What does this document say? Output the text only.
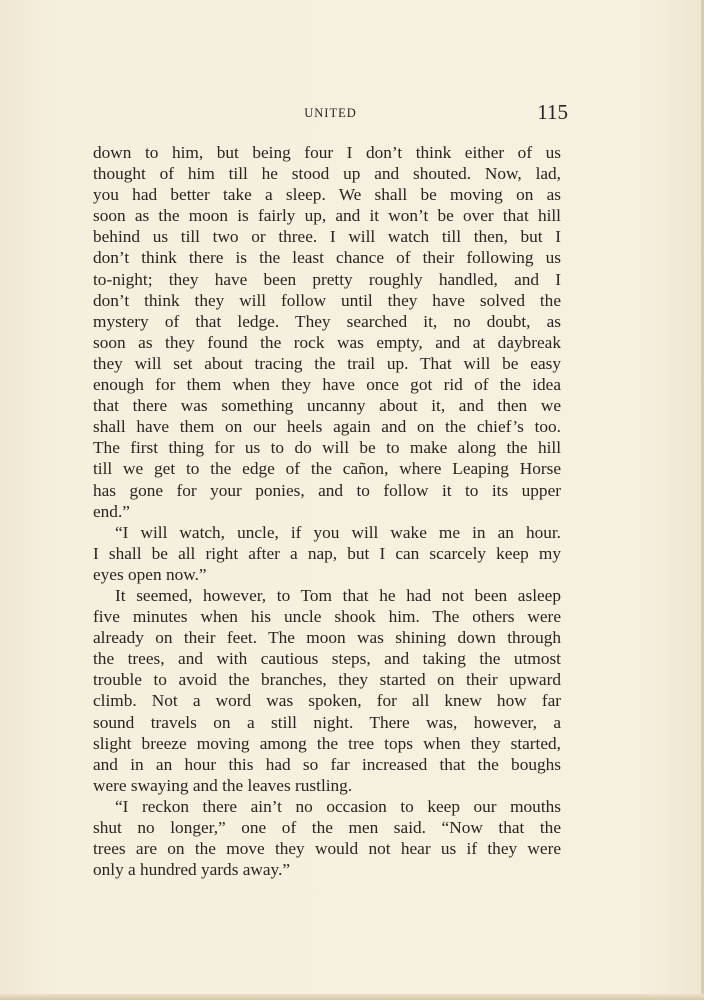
UNITED	115
down to him, but being four I don’t think either of us
thought of him till he stood up and shouted. Now, lad,
you had better take a sleep. We shall be moving on as
soon as the moon is fairly up, and it won’t be over that hill
behind us till two or three. I will watch till then, but I
don’t think there is the least chance of their following us
to-night; they have been pretty roughly handled, and I
don’t think they will follow until they have solved the
mystery of that ledge. They searched it, no doubt, as
soon as they found the rock was empty, and at daybreak
they will set about tracing the trail up. That will be easy
enough for them when they have once got rid of the idea
that there was something uncanny about it, and then we
shall have them on our heels again and on the chief’s too.
The first thing for us to do will be to make along the hill
till we get to the edge of the cañon, where Leaping Horse
has gone for your ponies, and to follow it to its upper
end.”
“I will watch, uncle, if you will wake me in an hour.
I shall be all right after a nap, but I can scarcely keep my
eyes open now.”
It seemed, however, to Tom that he had not been asleep
five minutes when his uncle shook him. The others were
already on their feet. The moon was shining down through
the trees, and with cautious steps, and taking the utmost
trouble to avoid the branches, they started on their upward
climb. Not a word was spoken, for all knew how far
sound travels on a still night. There was, however, a
slight breeze moving among the tree tops when they started,
and in an hour this had so far increased that the boughs
were swaying and the leaves rustling.
“I reckon there ain’t no occasion to keep our mouths
shut no longer,” one of the men said. “Now that the
trees are on the move they would not hear us if they were
only a hundred yards away.”
